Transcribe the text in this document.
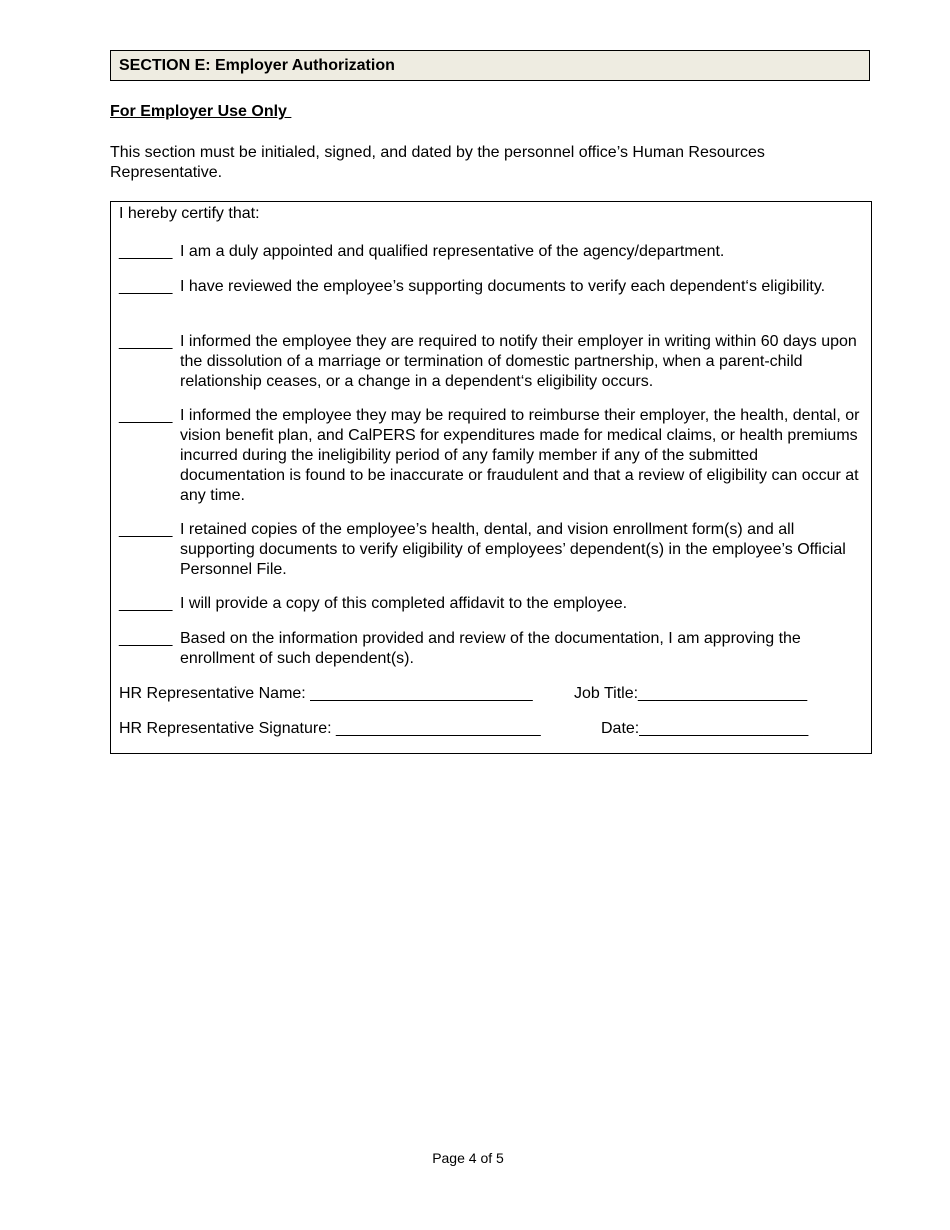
SECTION E: Employer Authorization
For Employer Use Only
This section must be initialed, signed, and dated by the personnel office’s Human Resources Representative.
I hereby certify that:
______ I am a duly appointed and qualified representative of the agency/department.
______ I have reviewed the employee’s supporting documents to verify each dependent‘s eligibility.
______ I informed the employee they are required to notify their employer in writing within 60 days upon the dissolution of a marriage or termination of domestic partnership, when a parent-child relationship ceases, or a change in a dependent‘s eligibility occurs.
______ I informed the employee they may be required to reimburse their employer, the health, dental, or vision benefit plan, and CalPERS for expenditures made for medical claims, or health premiums incurred during the ineligibility period of any family member if any of the submitted documentation is found to be inaccurate or fraudulent and that a review of eligibility can occur at any time.
______ I retained copies of the employee’s health, dental, and vision enrollment form(s) and all supporting documents to verify eligibility of employees’ dependent(s) in the employee’s Official Personnel File.
______ I will provide a copy of this completed affidavit to the employee.
______ Based on the information provided and review of the documentation, I am approving the enrollment of such dependent(s).
HR Representative Name: _________________________	Job Title:___________________
HR Representative Signature: _______________________	Date:___________________
Page 4 of 5
